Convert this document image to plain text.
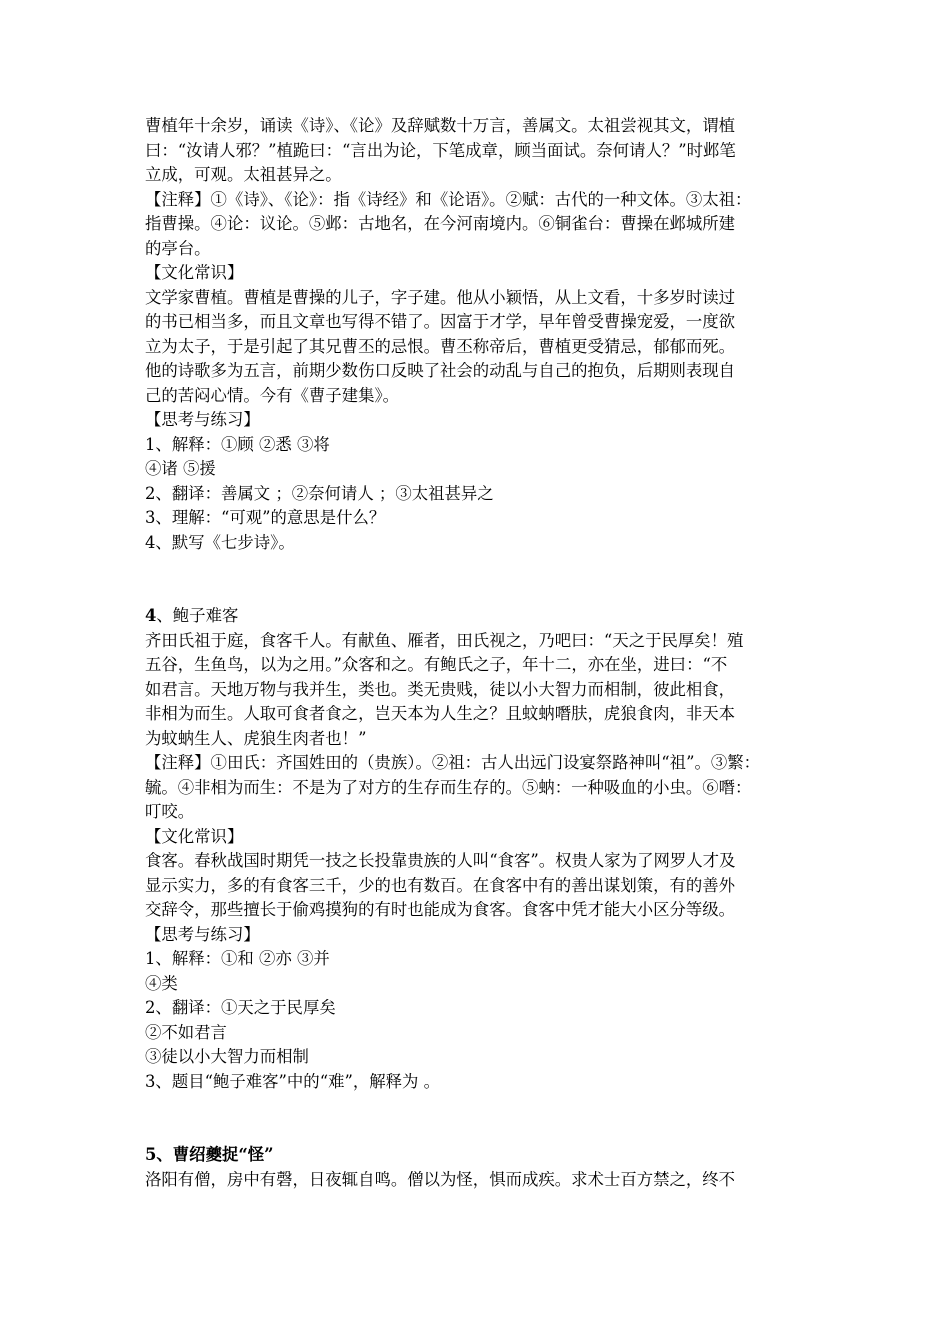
曹植年十余岁，诵读《诗》、《论》及辞赋数十万言，善属文。太祖尝视其文，谓植
曰：“汝请人邪？”植跪曰：“言出为论，下笔成章，顾当面试。奈何请人？”时邺笔
立成，可观。太祖甚异之。
【注释】①《诗》、《论》：指《诗经》和《论语》。②赋：古代的一种文体。③太祖：
指曹操。④论：议论。⑤邺：古地名，在今河南境内。⑥铜雀台：曹操在邺城所建
的亭台。
【文化常识】
文学家曹植。曹植是曹操的儿子，字子建。他从小颖悟，从上文看，十多岁时读过
的书已相当多，而且文章也写得不错了。因富于才学，早年曾受曹操宠爱，一度欲
立为太子，于是引起了其兄曹丕的忌恨。曹丕称帝后，曹植更受猜忌，郁郁而死。
他的诗歌多为五言，前期少数伤口反映了社会的动乱与自己的抱负，后期则表现自
己的苦闷心情。今有《曹子建集》。
【思考与练习】
1、解释：①顾 ②悉 ③将
④诸 ⑤援
2、翻译：善属文 ；②奈何请人 ；③太祖甚异之
3、理解：“可观”的意思是什么？
4、默写《七步诗》。
4、鲍子难客
齐田氏祖于庭，食客千人。有献鱼、雁者，田氏视之，乃吧曰：“天之于民厚矣！殖
五谷，生鱼鸟，以为之用。”众客和之。有鲍氏之子，年十二，亦在坐，进曰：“不
如君言。天地万物与我并生，类也。类无贵贱，徒以小大智力而相制，彼此相食，
非相为而生。人取可食者食之，岂天本为人生之？且蚊蚋噆肤，虎狼食肉，非天本
为蚊蚋生人、虎狼生肉者也！”
【注释】①田氏：齐国姓田的（贵族）。②祖：古人出远门设宴祭路神叫“祖”。③繁：
毓。④非相为而生：不是为了对方的生存而生存的。⑤蚋：一种吸血的小虫。⑥噆：
叮咬。
【文化常识】
食客。春秋战国时期凭一技之长投靠贵族的人叫“食客”。权贵人家为了网罗人才及
显示实力，多的有食客三千，少的也有数百。在食客中有的善出谋划策，有的善外
交辞令，那些擅长于偷鸡摸狗的有时也能成为食客。食客中凭才能大小区分等级。
【思考与练习】
1、解释：①和 ②亦 ③并
④类
2、翻译：①天之于民厚矣
②不如君言
③徒以小大智力而相制
3、题目“鲍子难客”中的“难”，解释为 。
5、曹绍夔捉“怪”
洛阳有僧，房中有磬，日夜辄自鸣。僧以为怪，惧而成疾。求术士百方禁之，终不
